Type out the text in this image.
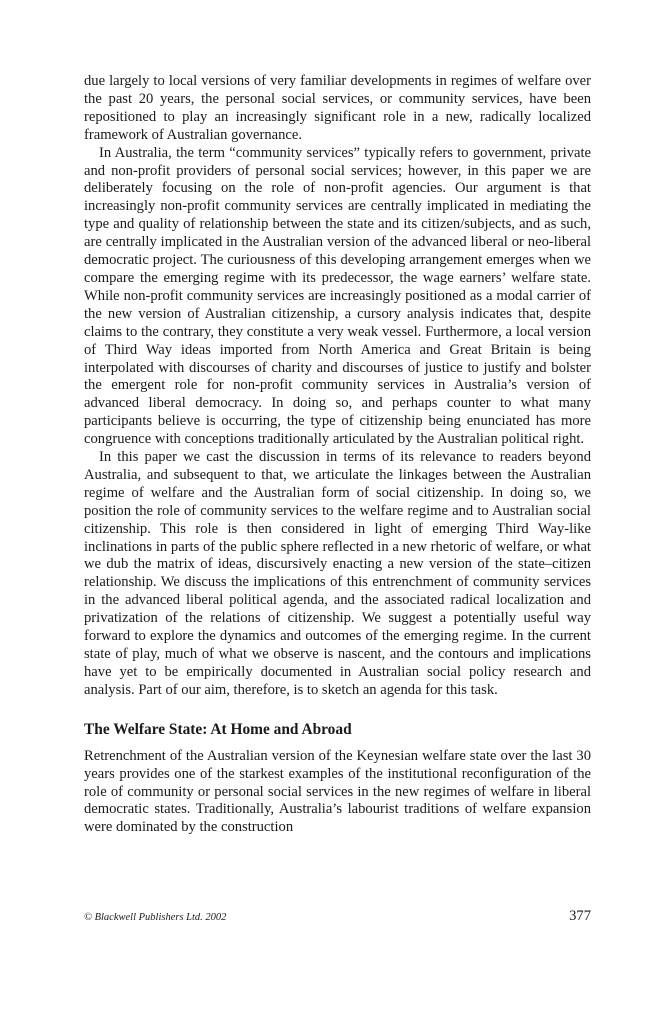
due largely to local versions of very familiar developments in regimes of welfare over the past 20 years, the personal social services, or community services, have been repositioned to play an increasingly significant role in a new, radically localized framework of Australian governance.

In Australia, the term “community services” typically refers to government, private and non-profit providers of personal social services; however, in this paper we are deliberately focusing on the role of non-profit agencies. Our argument is that increasingly non-profit community services are centrally implicated in mediating the type and quality of relationship between the state and its citizen/subjects, and as such, are centrally implicated in the Australian version of the advanced liberal or neo-liberal democratic project. The curiousness of this developing arrangement emerges when we compare the emerging regime with its predecessor, the wage earners’ welfare state. While non-profit community services are increasingly positioned as a modal carrier of the new version of Australian citizenship, a cursory analysis indicates that, despite claims to the contrary, they constitute a very weak vessel. Furthermore, a local version of Third Way ideas imported from North America and Great Britain is being interpolated with discourses of charity and discourses of justice to justify and bolster the emergent role for non-profit community services in Australia’s version of advanced liberal democracy. In doing so, and perhaps counter to what many participants believe is occurring, the type of citizenship being enunciated has more congruence with conceptions traditionally articulated by the Australian political right.

In this paper we cast the discussion in terms of its relevance to readers beyond Australia, and subsequent to that, we articulate the linkages between the Australian regime of welfare and the Australian form of social citizenship. In doing so, we position the role of community services to the welfare regime and to Australian social citizenship. This role is then considered in light of emerging Third Way-like inclinations in parts of the public sphere reflected in a new rhetoric of welfare, or what we dub the matrix of ideas, discursively enacting a new version of the state–citizen relationship. We discuss the implications of this entrenchment of community services in the advanced liberal political agenda, and the associated radical localization and privatization of the relations of citizenship. We suggest a potentially useful way forward to explore the dynamics and outcomes of the emerging regime. In the current state of play, much of what we observe is nascent, and the contours and implications have yet to be empirically documented in Australian social policy research and analysis. Part of our aim, therefore, is to sketch an agenda for this task.

The Welfare State: At Home and Abroad

Retrenchment of the Australian version of the Keynesian welfare state over the last 30 years provides one of the starkest examples of the institutional reconfiguration of the role of community or personal social services in the new regimes of welfare in liberal democratic states. Traditionally, Australia’s labourist traditions of welfare expansion were dominated by the construction

© Blackwell Publishers Ltd. 2002	377
